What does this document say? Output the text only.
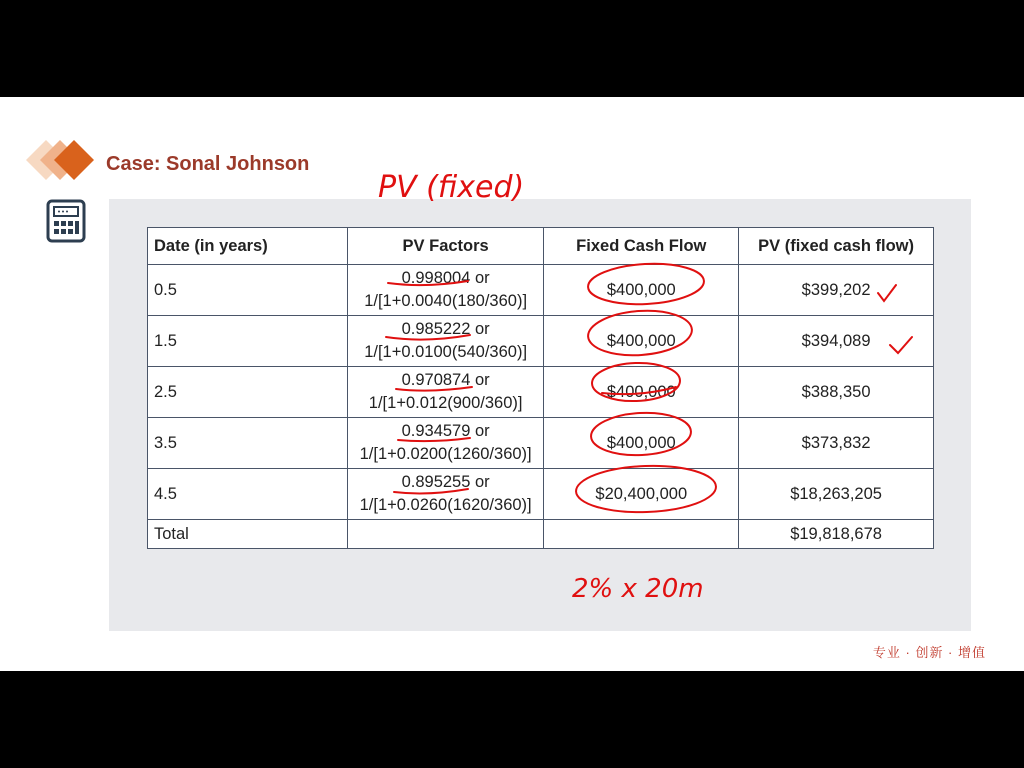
Case: Sonal Johnson
Date (in years)	PV Factors	Fixed Cash Flow	PV (fixed cash flow)
0.5	0.998004 or
1/[1+0.0040(180/360)]	$400,000	$399,202
1.5	0.985222 or
1/[1+0.0100(540/360)]	$400,000	$394,089
2.5	0.970874 or
1/[1+0.012(900/360)]	$400,000	$388,350
3.5	0.934579 or
1/[1+0.0200(1260/360)]	$400,000	$373,832
4.5	0.895255 or
1/[1+0.0260(1620/360)]	$20,400,000	$18,263,205
Total			$19,818,678
PV (fixed)
2% x 20m
专业 · 创新 · 增值
